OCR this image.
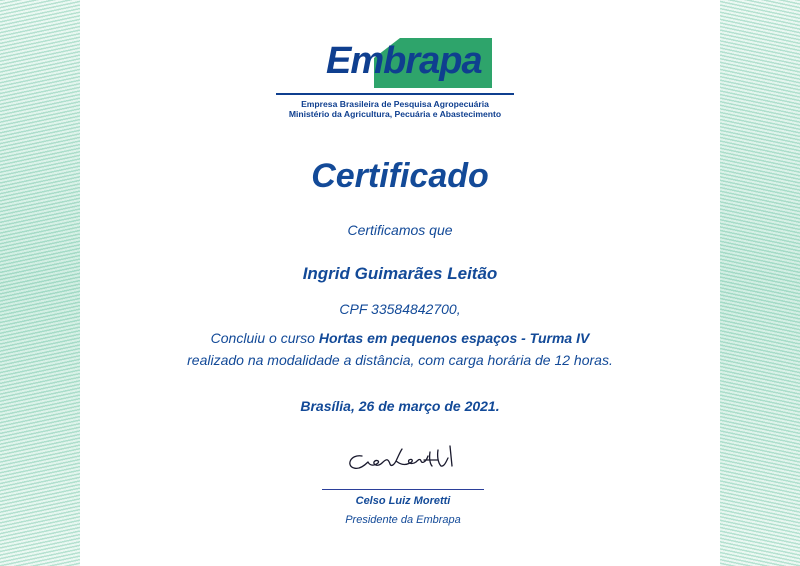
Embrapa
Empresa Brasileira de Pesquisa Agropecuária
Ministério da Agricultura, Pecuária e Abastecimento
Certificado
Certificamos que
Ingrid Guimarães Leitão
CPF 33584842700,
Concluiu o curso Hortas em pequenos espaços - Turma IV
realizado na modalidade a distância, com carga horária de 12 horas.
Brasília, 26 de março de 2021.
Celso Luiz Moretti
Presidente da Embrapa
